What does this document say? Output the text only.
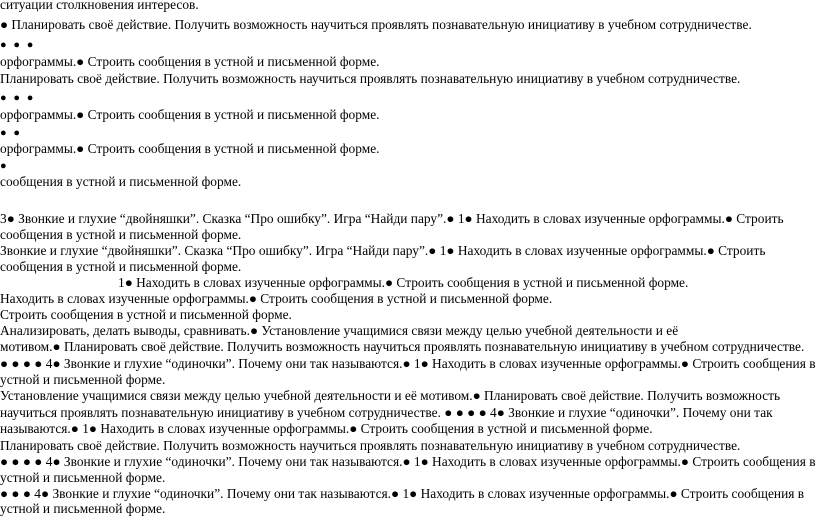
ситуации столкновения интересов.
● Планировать своё действие. Получить возможность научиться проявлять познавательную инициативу в учебном сотрудничестве.
● ● ●
орфограммы.● Строить сообщения в устной и письменной форме.
Планировать своё действие. Получить возможность научиться проявлять познавательную инициативу в учебном сотрудничестве.
● ● ●
орфограммы.● Строить сообщения в устной и письменной форме.
● ●
орфограммы.● Строить сообщения в устной и письменной форме.
●
сообщения в устной и письменной форме.
3● Звонкие и глухие “двойняшки”. Сказка “Про ошибку”. Игра “Найди пару”.● 1● Находить в словах изученные орфограммы.● Строить
сообщения в устной и письменной форме.
Звонкие и глухие “двойняшки”. Сказка “Про ошибку”. Игра “Найди пару”.● 1● Находить в словах изученные орфограммы.● Строить
сообщения в устной и письменной форме.
1● Находить в словах изученные орфограммы.● Строить сообщения в устной и письменной форме.
Находить в словах изученные орфограммы.● Строить сообщения в устной и письменной форме.
Строить сообщения в устной и письменной форме.
Анализировать, делать выводы, сравнивать.● Установление учащимися связи между целью учебной деятельности и её
мотивом.● Планировать своё действие. Получить возможность научиться проявлять познавательную инициативу в учебном сотрудничестве.
● ● ● ● 4● Звонкие и глухие “одиночки”. Почему они так называются.● 1● Находить в словах изученные орфограммы.● Строить сообщения в
устной и письменной форме.
Установление учащимися связи между целью учебной деятельности и её мотивом.● Планировать своё действие. Получить возможность
научиться проявлять познавательную инициативу в учебном сотрудничестве. ● ● ● ● 4● Звонкие и глухие “одиночки”. Почему они так
называются.● 1● Находить в словах изученные орфограммы.● Строить сообщения в устной и письменной форме.
Планировать своё действие. Получить возможность научиться проявлять познавательную инициативу в учебном сотрудничестве.
● ● ● ● 4● Звонкие и глухие “одиночки”. Почему они так называются.● 1● Находить в словах изученные орфограммы.● Строить сообщения в
устной и письменной форме.
● ● ● 4● Звонкие и глухие “одиночки”. Почему они так называются.● 1● Находить в словах изученные орфограммы.● Строить сообщения в
устной и письменной форме.
